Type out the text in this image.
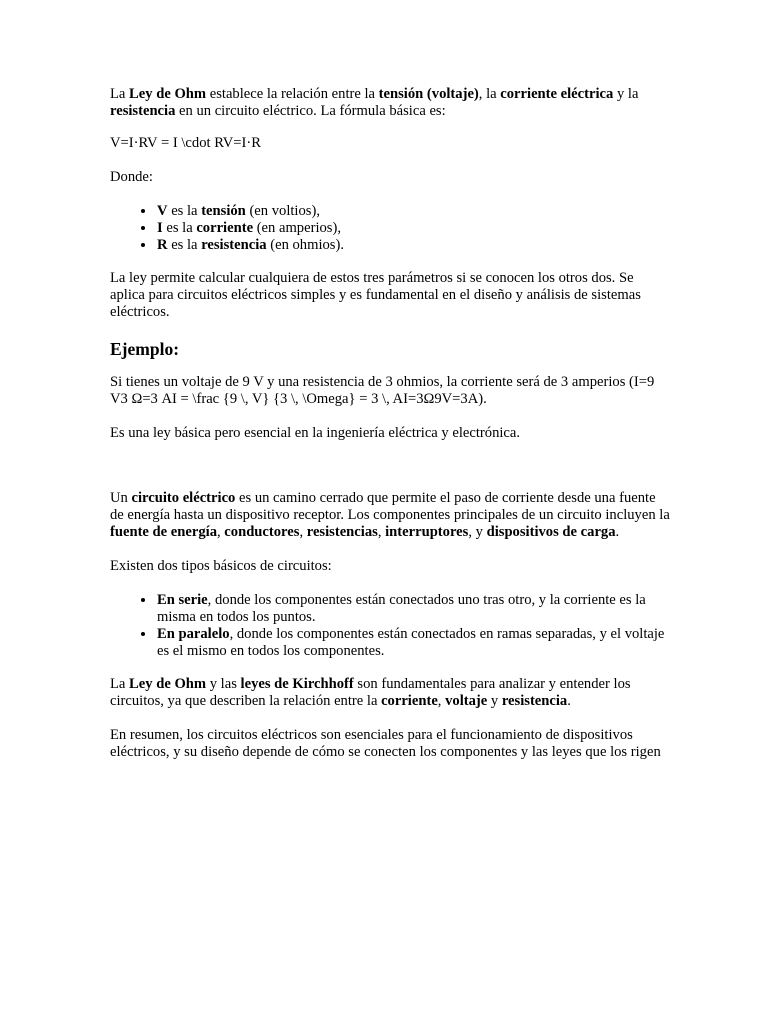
La Ley de Ohm establece la relación entre la tensión (voltaje), la corriente eléctrica y la resistencia en un circuito eléctrico. La fórmula básica es:

V=I·RV = I \cdot RV=I·R

Donde:

• V es la tensión (en voltios),
• I es la corriente (en amperios),
• R es la resistencia (en ohmios).

La ley permite calcular cualquiera de estos tres parámetros si se conocen los otros dos. Se aplica para circuitos eléctricos simples y es fundamental en el diseño y análisis de sistemas eléctricos.

Ejemplo:

Si tienes un voltaje de 9 V y una resistencia de 3 ohmios, la corriente será de 3 amperios (I=9 V3 Ω=3 AI = \frac {9 \, V} {3 \, \Omega} = 3 \, AI=3Ω9V=3A).

Es una ley básica pero esencial en la ingeniería eléctrica y electrónica.

Un circuito eléctrico es un camino cerrado que permite el paso de corriente desde una fuente de energía hasta un dispositivo receptor. Los componentes principales de un circuito incluyen la fuente de energía, conductores, resistencias, interruptores, y dispositivos de carga.

Existen dos tipos básicos de circuitos:

• En serie, donde los componentes están conectados uno tras otro, y la corriente es la misma en todos los puntos.
• En paralelo, donde los componentes están conectados en ramas separadas, y el voltaje es el mismo en todos los componentes.

La Ley de Ohm y las leyes de Kirchhoff son fundamentales para analizar y entender los circuitos, ya que describen la relación entre la corriente, voltaje y resistencia.

En resumen, los circuitos eléctricos son esenciales para el funcionamiento de dispositivos eléctricos, y su diseño depende de cómo se conecten los componentes y las leyes que los rigen
